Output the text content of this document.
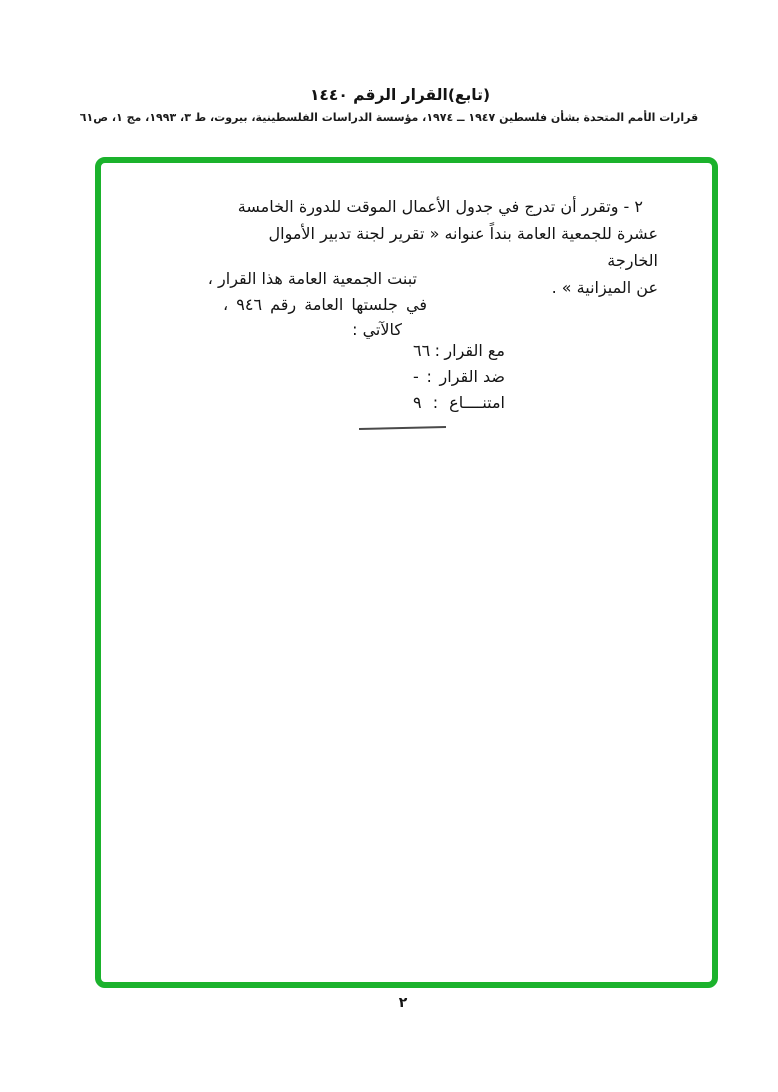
(تابع)القرار الرقم ١٤٤٠
قرارات الأمم المتحدة بشأن فلسطين ١٩٤٧ ــ ١٩٧٤، مؤسسة الدراسات الفلسطينية، بيروت، ط ٣، ١٩٩٣، مج ١، ص٦١
٢ - وتقرر أن تدرج في جدول الأعمال الموقت للدورة الخامسة
عشرة للجمعية العامة بنداً عنوانه « تقرير لجنة تدبير الأموال الخارجة
عن الميزانية » .
تبنت الجمعية العامة هذا القرار ،
في جلستها العامة رقم ٩٤٦ ،
كالآتي :
مع القرار
:
٦٦
ضد القرار
:
-
امتنــــاع
:
٩
٢
